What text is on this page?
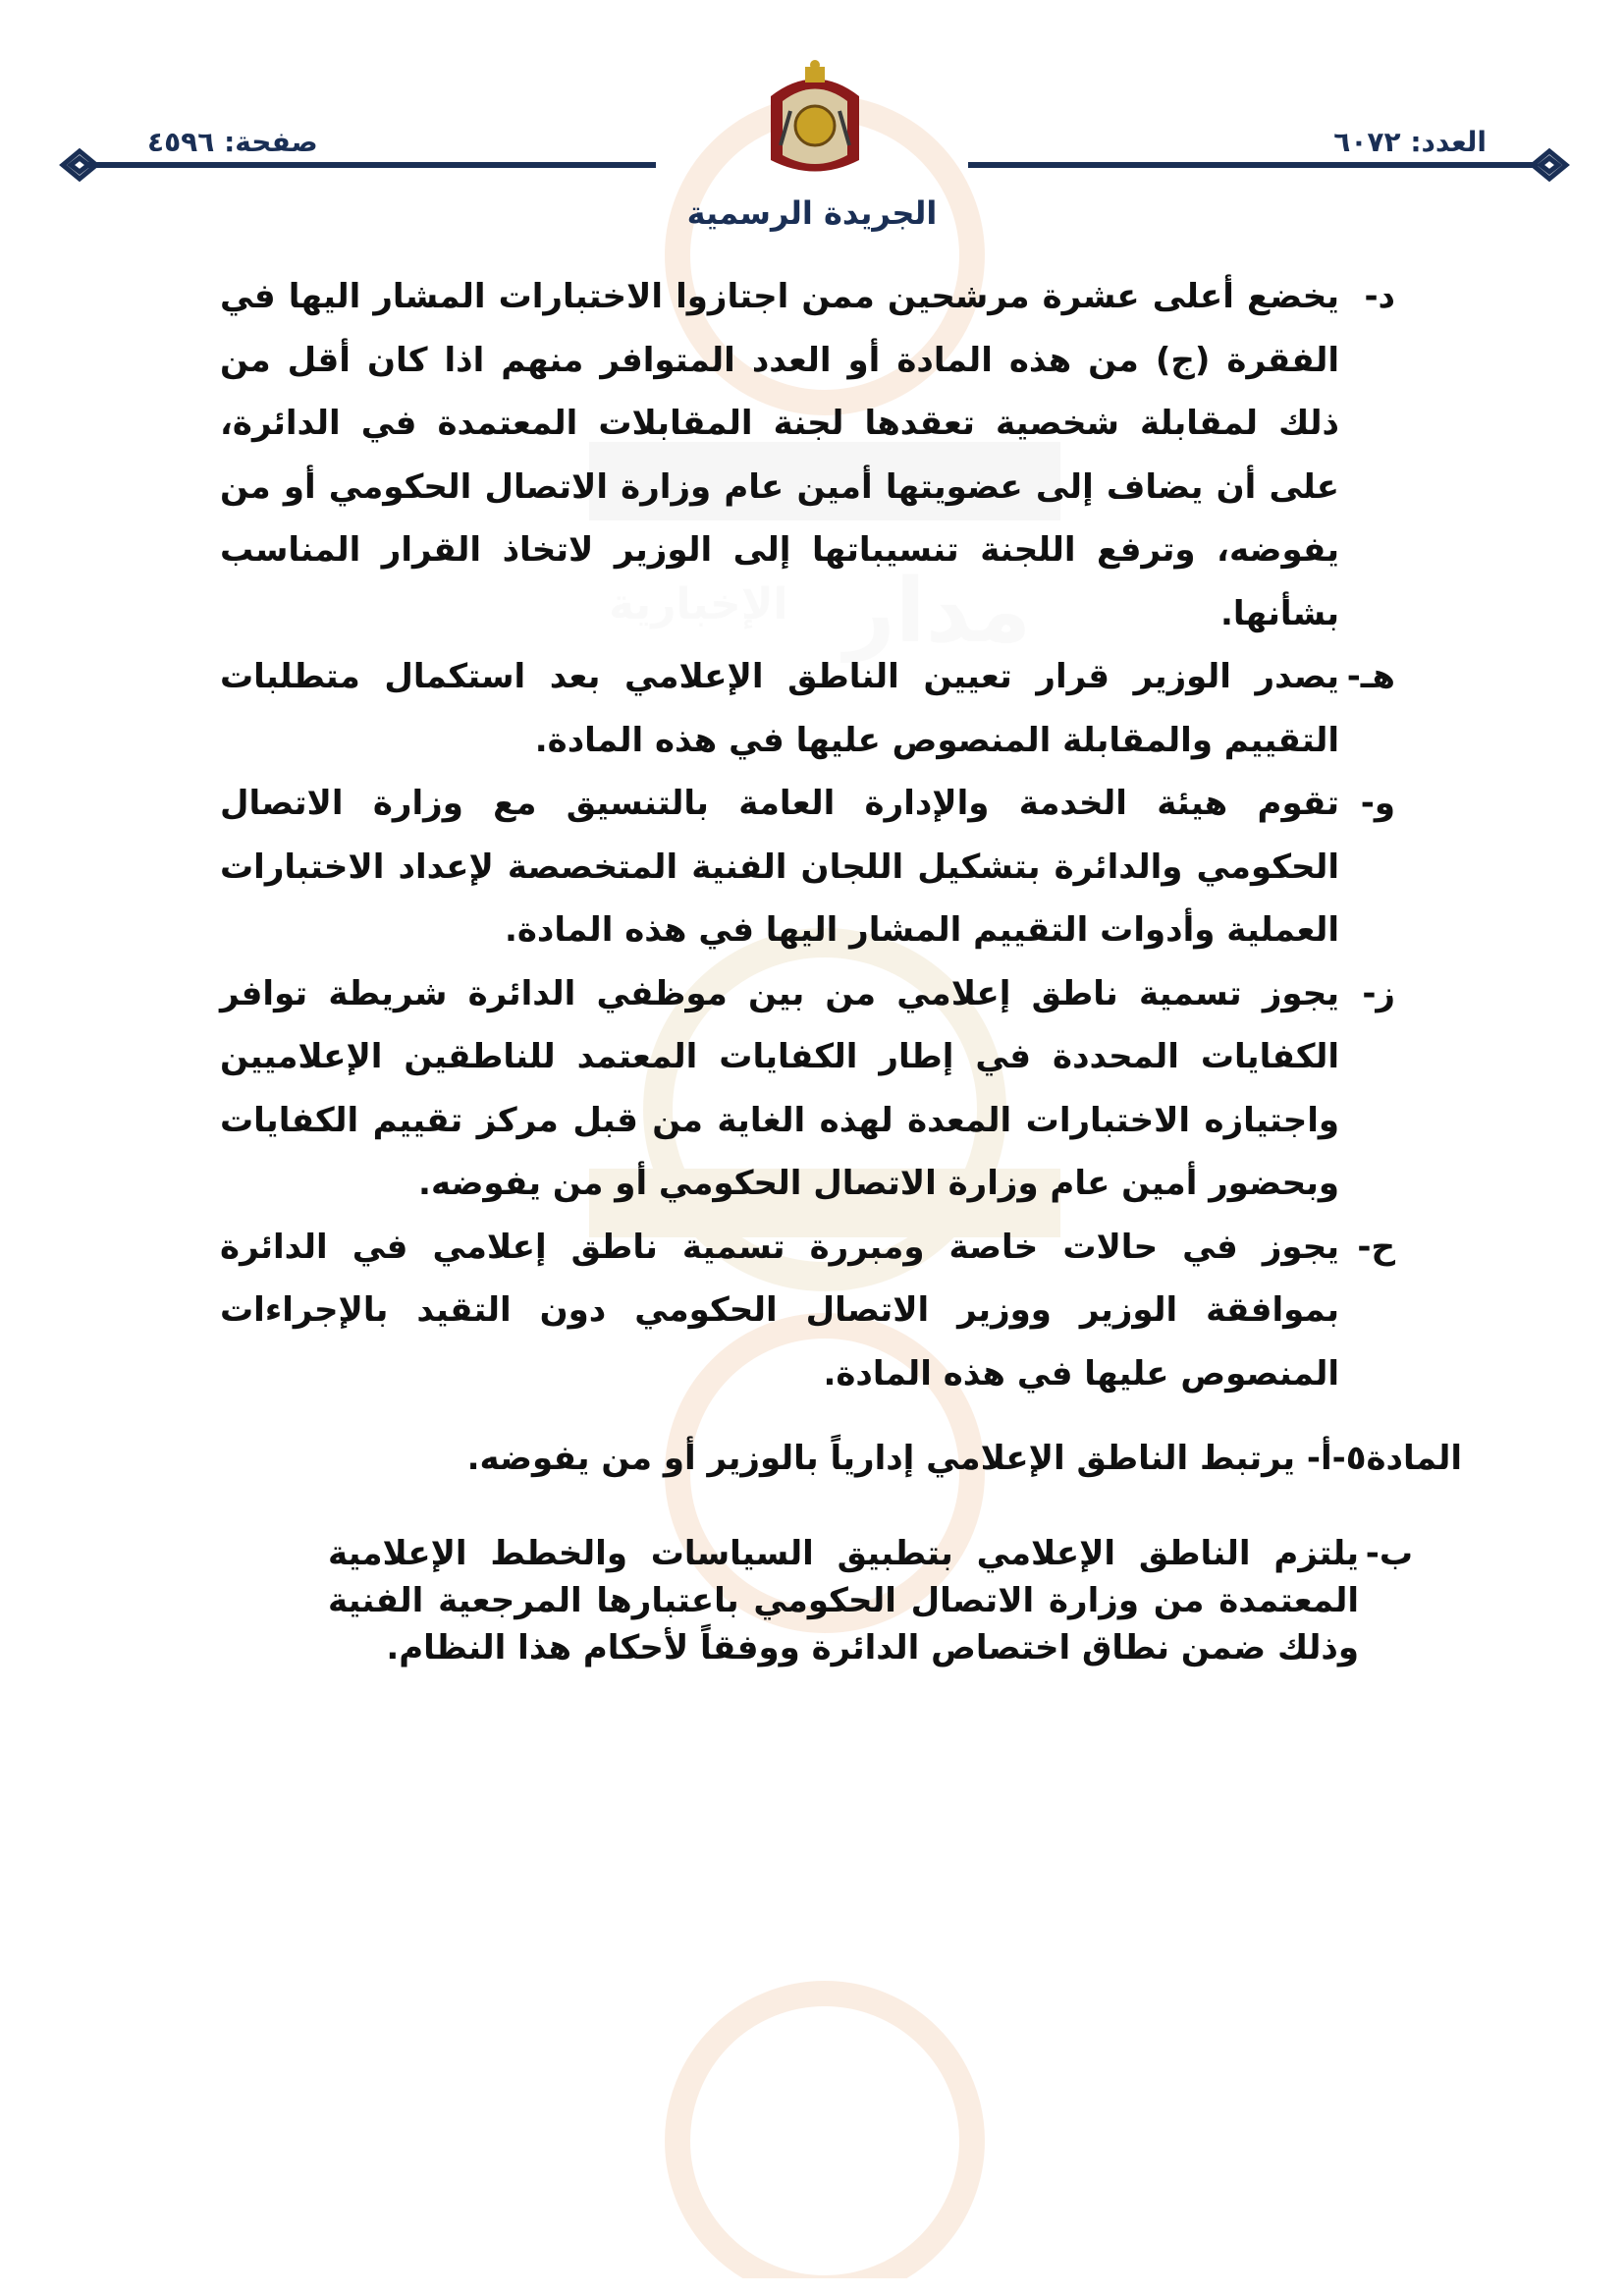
مدار
الإخبارية
العدد: ٦٠٧٢
صفحة: ٤٥٩٦
الجريدة الرسمية
د-

يخضع أعلى عشرة مرشحين ممن اجتازوا الاختبارات المشار اليها في الفقرة (ج) من هذه المادة أو العدد المتوافر منهم اذا كان أقل من ذلك لمقابلة شخصية تعقدها لجنة المقابلات المعتمدة في الدائرة، على أن يضاف إلى عضويتها أمين عام وزارة الاتصال الحكومي أو من يفوضه، وترفع اللجنة تنسيباتها إلى الوزير لاتخاذ القرار المناسب بشأنها.

هـ-

يصدر الوزير قرار تعيين الناطق الإعلامي بعد استكمال متطلبات التقييم والمقابلة المنصوص عليها في هذه المادة.

و-

تقوم هيئة الخدمة والإدارة العامة بالتنسيق مع وزارة الاتصال الحكومي والدائرة بتشكيل اللجان الفنية المتخصصة لإعداد الاختبارات العملية وأدوات التقييم المشار اليها في هذه المادة.

ز-

يجوز تسمية ناطق إعلامي من بين موظفي الدائرة شريطة توافر الكفايات المحددة في إطار الكفايات المعتمد للناطقين الإعلاميين واجتيازه الاختبارات المعدة لهذه الغاية من قبل مركز تقييم الكفايات وبحضور أمين عام وزارة الاتصال الحكومي أو من يفوضه.

ح-

يجوز في حالات خاصة ومبررة تسمية ناطق إعلامي في الدائرة بموافقة الوزير ووزير الاتصال الحكومي دون التقيد بالإجراءات المنصوص عليها في هذه المادة.

المادة٥-أ- يرتبط الناطق الإعلامي إدارياً بالوزير أو من يفوضه.
ب-

يلتزم الناطق الإعلامي بتطبيق السياسات والخطط الإعلامية المعتمدة من وزارة الاتصال الحكومي باعتبارها المرجعية الفنية وذلك ضمن نطاق اختصاص الدائرة ووفقاً لأحكام هذا النظام.
